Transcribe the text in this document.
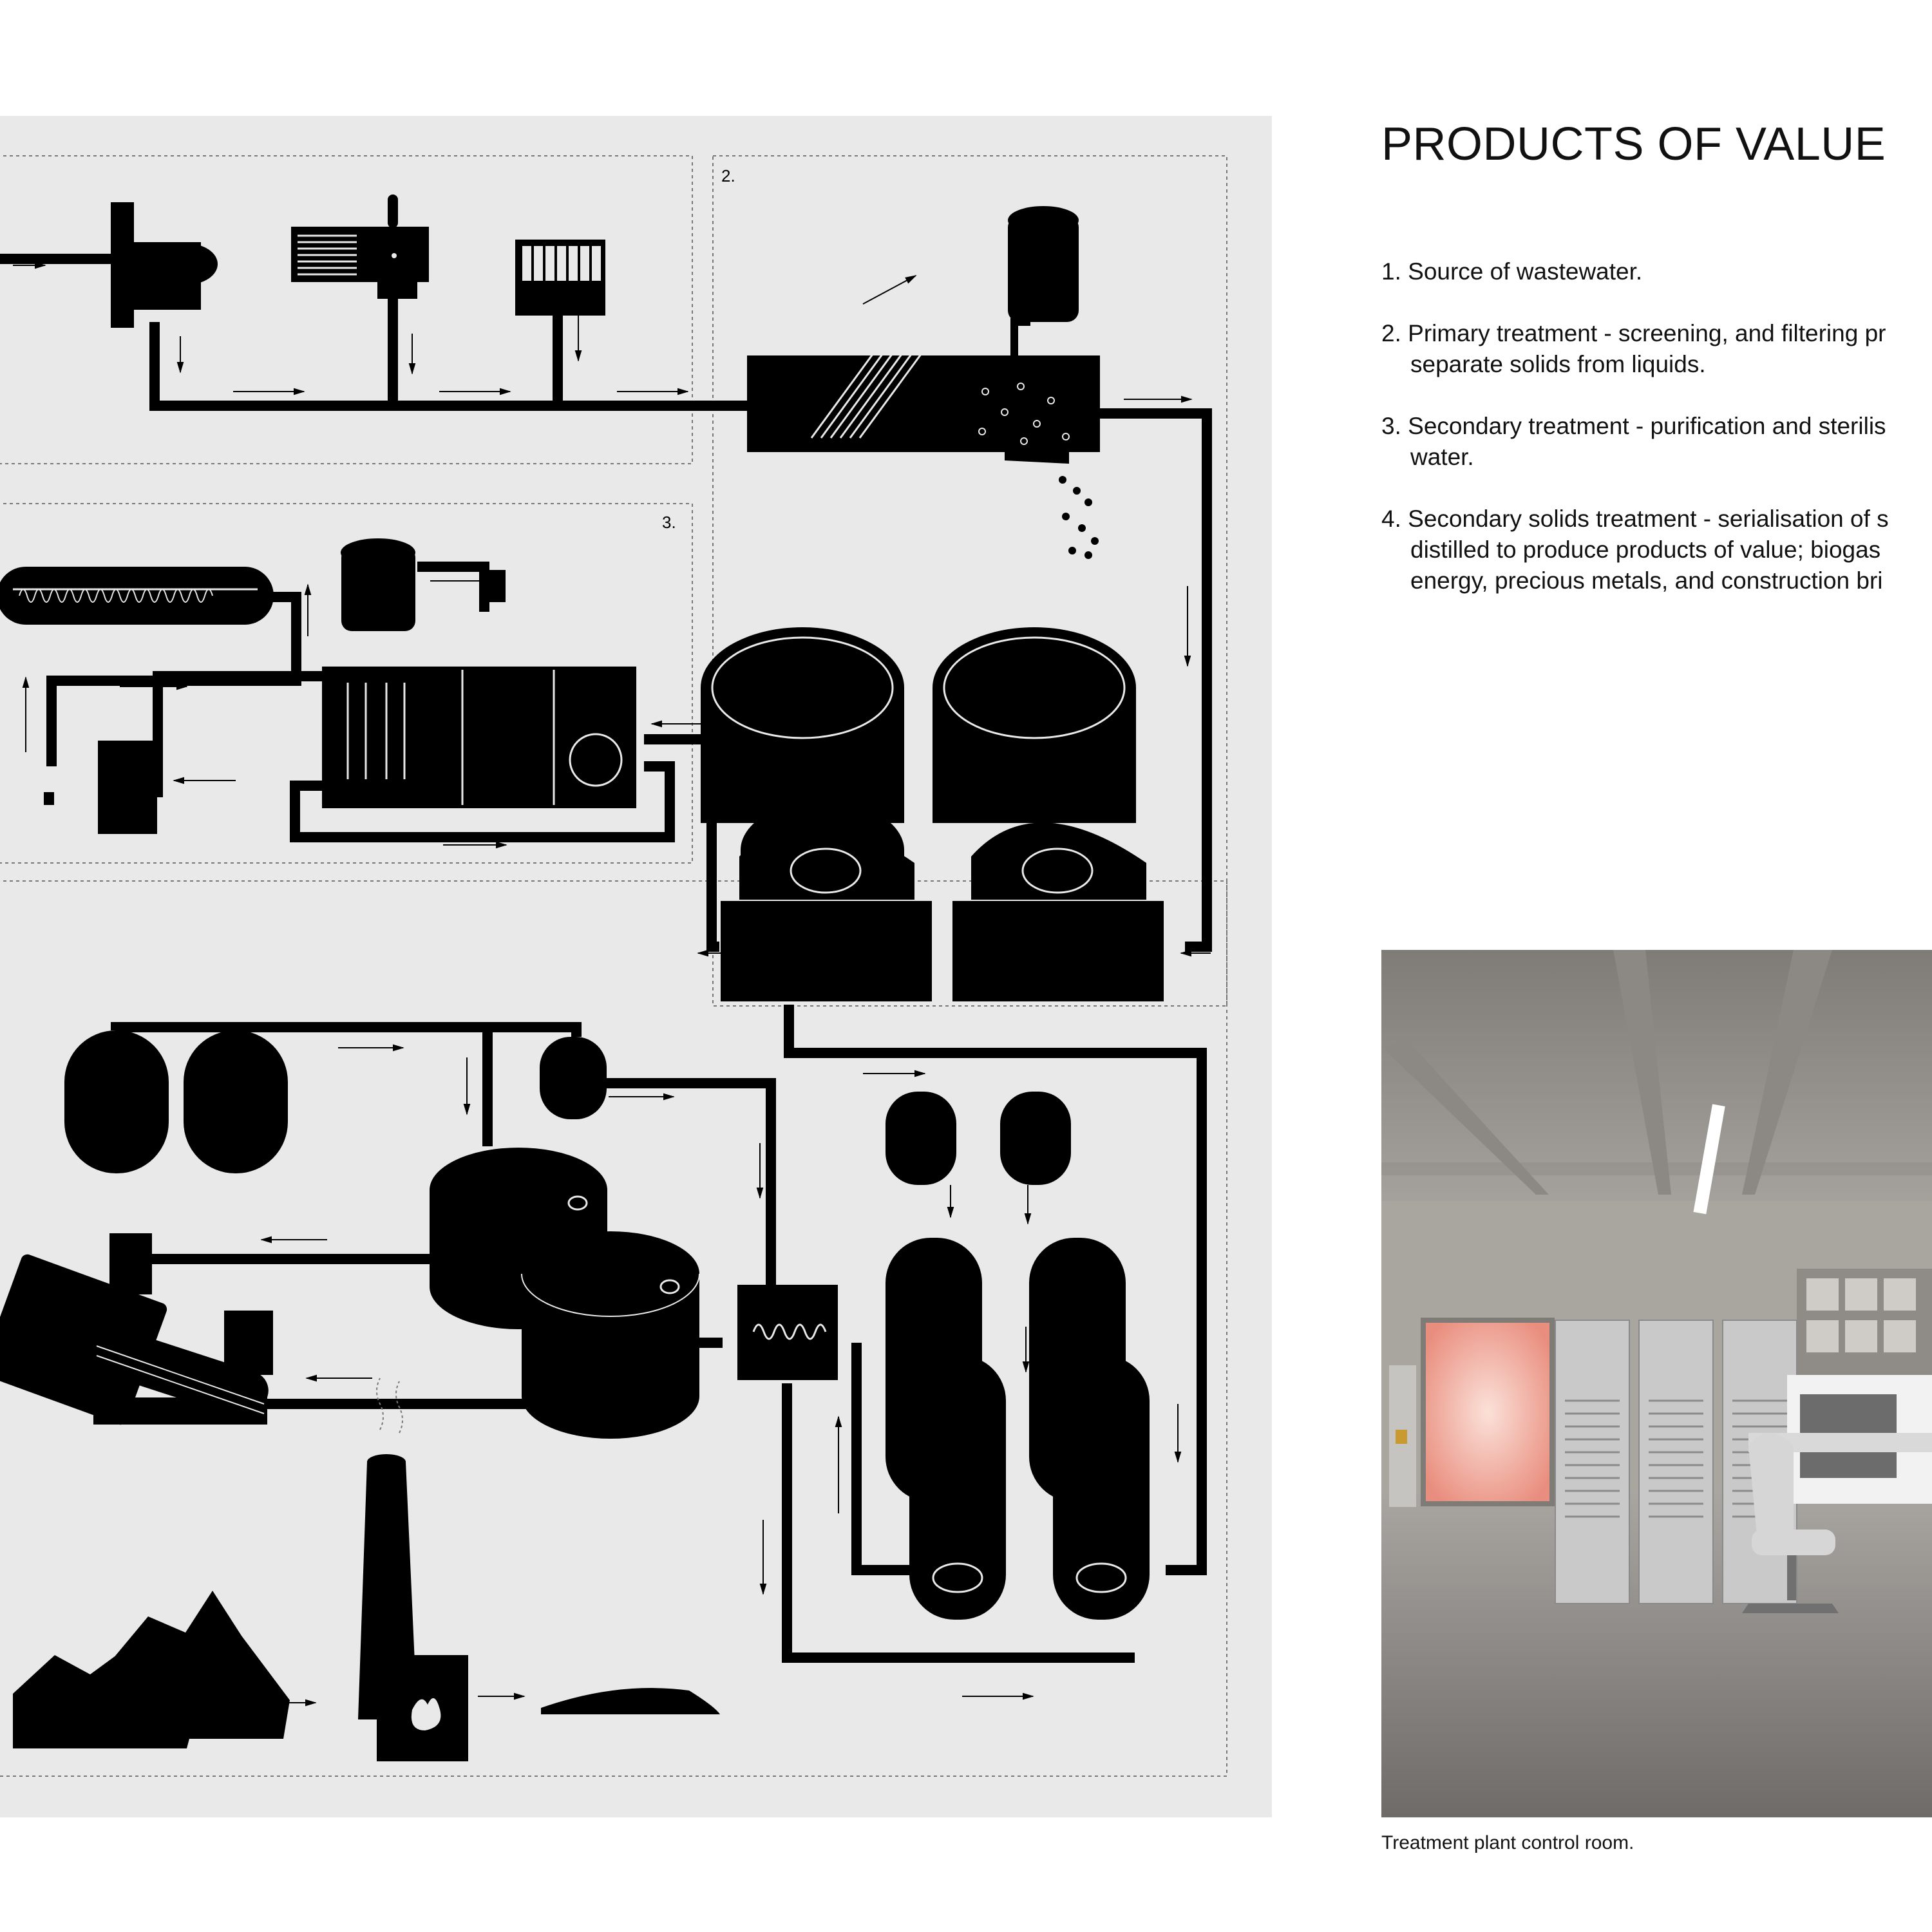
2.
3.
PRODUCTS OF VALUE
1. Source of wastewater.
2. Primary treatment - screening, and filtering pr
separate solids from liquids.
3. Secondary treatment - purification and sterilis
water.
4. Secondary solids treatment - serialisation of s
distilled to produce products of value; biogas
energy, precious metals, and construction bri
Treatment plant control room.
